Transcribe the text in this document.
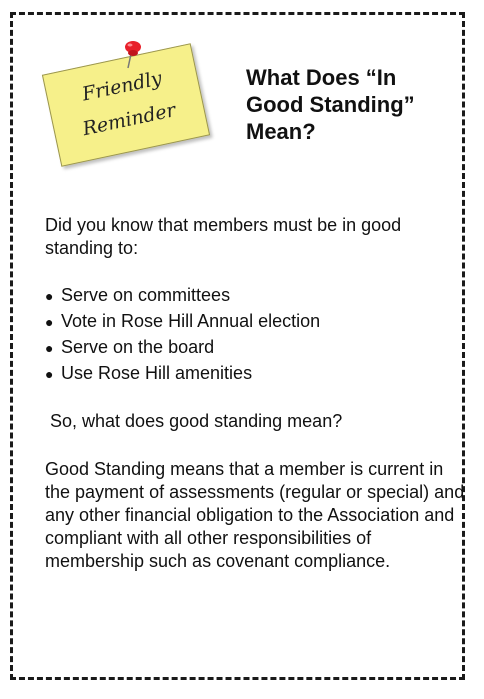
Friendly
Reminder
What Does “In Good Standing” Mean?
Did you know that members must be in good standing to:
● Serve on committees
● Vote in Rose Hill Annual election
● Serve on the board
● Use Rose Hill amenities
So, what does good standing mean?
Good Standing means that a member is current in the payment of assessments (regular or special) and any other financial obligation to the Association and compliant with all other responsibilities of membership such as covenant compliance.
